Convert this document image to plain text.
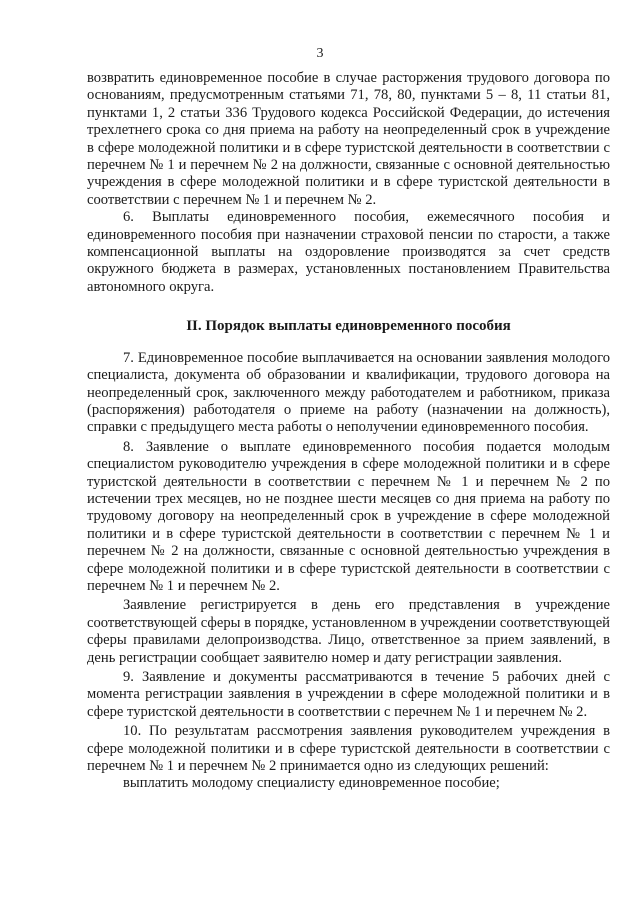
3

возвратить единовременное пособие в случае расторжения трудового договора по основаниям, предусмотренным статьями 71, 78, 80, пунктами 5 – 8, 11 статьи 81, пунктами 1, 2 статьи 336 Трудового кодекса Российской Федерации, до истечения трехлетнего срока со дня приема на работу на неопределенный срок в учреждение в сфере молодежной политики и в сфере туристской деятельности в соответствии с перечнем № 1 и перечнем № 2 на должности, связанные с основной деятельностью учреждения в сфере молодежной политики и в сфере туристской деятельности в соответствии с перечнем № 1 и перечнем № 2.

6. Выплаты единовременного пособия, ежемесячного пособия и единовременного пособия при назначении страховой пенсии по старости, а также компенсационной выплаты на оздоровление производятся за счет средств окружного бюджета в размерах, установленных постановлением Правительства автономного округа.

II. Порядок выплаты единовременного пособия

7. Единовременное пособие выплачивается на основании заявления молодого специалиста, документа об образовании и квалификации, трудового договора на неопределенный срок, заключенного между работодателем и работником, приказа (распоряжения) работодателя о приеме на работу (назначении на должность), справки с предыдущего места работы о неполучении единовременного пособия.

8. Заявление о выплате единовременного пособия подается молодым специалистом руководителю учреждения в сфере молодежной политики и в сфере туристской деятельности в соответствии с перечнем № 1 и перечнем № 2 по истечении трех месяцев, но не позднее шести месяцев со дня приема на работу по трудовому договору на неопределенный срок в учреждение в сфере молодежной политики и в сфере туристской деятельности в соответствии с перечнем № 1 и перечнем № 2 на должности, связанные с основной деятельностью учреждения в сфере молодежной политики и в сфере туристской деятельности в соответствии с перечнем № 1 и перечнем № 2.

Заявление регистрируется в день его представления в учреждение соответствующей сферы в порядке, установленном в учреждении соответствующей сферы правилами делопроизводства. Лицо, ответственное за прием заявлений, в день регистрации сообщает заявителю номер и дату регистрации заявления.

9. Заявление и документы рассматриваются в течение 5 рабочих дней с момента регистрации заявления в учреждении в сфере молодежной политики и в сфере туристской деятельности в соответствии с перечнем № 1 и перечнем № 2.

10. По результатам рассмотрения заявления руководителем учреждения в сфере молодежной политики и в сфере туристской деятельности в соответствии с перечнем № 1 и перечнем № 2 принимается одно из следующих решений:

выплатить молодому специалисту единовременное пособие;
